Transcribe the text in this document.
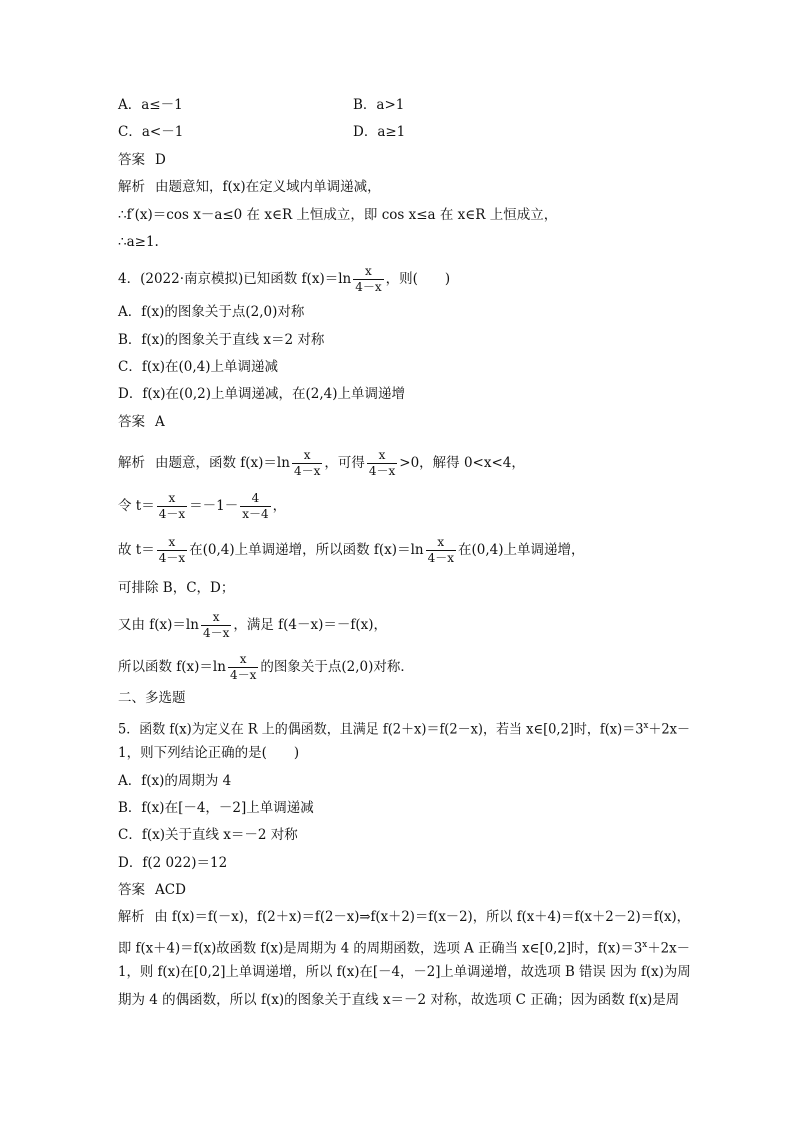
A．a≤－1	B．a>1
C．a<－1	D．a≥1
答案 D
解析 由题意知，f(x)在定义域内单调递减，
∴f′(x)＝cos x－a≤0 在 x∈R 上恒成立，即 cos x≤a 在 x∈R 上恒成立，
∴a≥1.
4．(2022·南京模拟)已知函数 $f(x)=\ln \frac{x}{4-x}$ ，则(　　)
A．f(x)的图象关于点(2,0)对称
B．f(x)的图象关于直线 x＝2 对称
C．f(x)在(0,4)上单调递减
D．f(x)在(0,2)上单调递减，在(2,4)上单调递增
答案 A
解析 由题意，函数 $f(x)=\ln \frac{x}{4-x}$ ，可得 $\frac{x}{4-x} >0$，解得 0<x<4，
令 $t= \frac{x}{4-x} =-1- \frac{4}{x-4}$ ，
故 $t= \frac{x}{4-x}$ 在(0,4)上单调递增，所以函数 $f(x)=\ln \frac{x}{4-x}$ 在(0,4)上单调递增，
可排除 B，C，D；
又由 $f(x)=\ln \frac{x}{4-x}$ ，满足 f(4－x)＝－f(x)，
所以函数 $f(x)=\ln \frac{x}{4-x}$ 的图象关于点(2,0)对称．
二、多选题
5．函数 f(x)为定义在 R 上的偶函数，且满足 f(2＋x)＝f(2－x)，若当 x∈[0,2]时，$f(x)=3^x+2x-$
1，则下列结论正确的是(　　)
A．f(x)的周期为 4
B．f(x)在[－4，－2]上单调递减
C．f(x)关于直线 x＝－2 对称
D．f(2 022)＝12
答案 ACD
解析 由 f(x)＝f(－x)，f(2＋x)＝f(2－x)⇒f(x＋2)＝f(x－2)，所以 f(x＋4)＝f(x＋2－2)＝f(x)，
即 f(x＋4)＝f(x)故函数 f(x)是周期为 4 的周期函数，选项 A 正确当 x∈[0,2]时，$f(x)=3^x+2x-$
1，则 f(x)在[0,2]上单调递增，所以 f(x)在[－4，－2]上单调递增，故选项 B 错误 因为 f(x)为周
期为 4 的偶函数，所以 f(x)的图象关于直线 x＝－2 对称，故选项 C 正确；因为函数 f(x)是周
